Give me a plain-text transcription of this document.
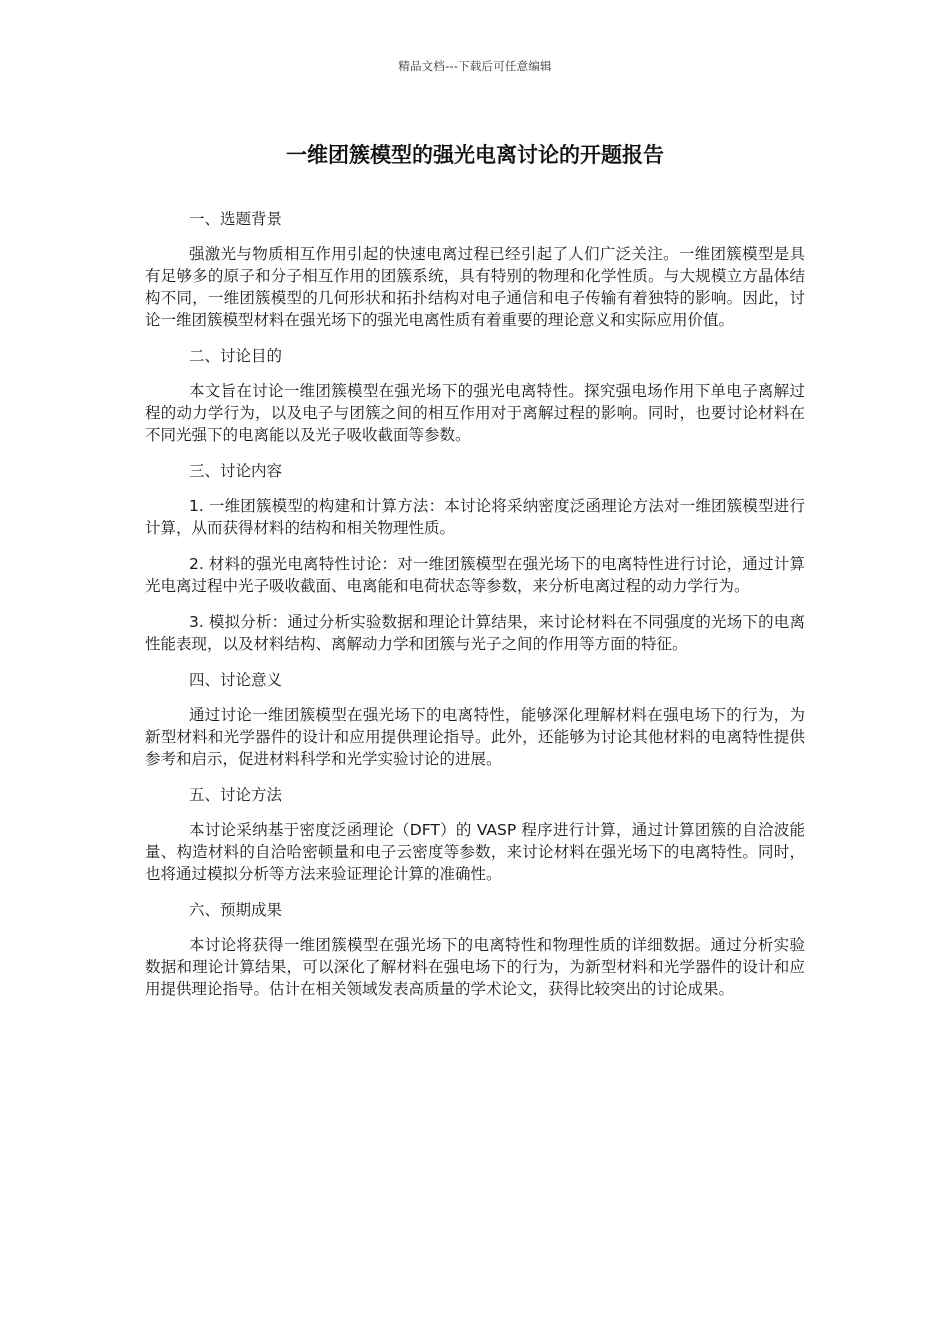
精品文档---下载后可任意编辑
一维团簇模型的强光电离讨论的开题报告

一、选题背景

强激光与物质相互作用引起的快速电离过程已经引起了人们广泛关注。一维团簇模型是具有足够多的原子和分子相互作用的团簇系统，具有特别的物理和化学性质。与大规模立方晶体结构不同，一维团簇模型的几何形状和拓扑结构对电子通信和电子传输有着独特的影响。因此，讨论一维团簇模型材料在强光场下的强光电离性质有着重要的理论意义和实际应用价值。

二、讨论目的

本文旨在讨论一维团簇模型在强光场下的强光电离特性。探究强电场作用下单电子离解过程的动力学行为，以及电子与团簇之间的相互作用对于离解过程的影响。同时，也要讨论材料在不同光强下的电离能以及光子吸收截面等参数。

三、讨论内容

1. 一维团簇模型的构建和计算方法：本讨论将采纳密度泛函理论方法对一维团簇模型进行计算，从而获得材料的结构和相关物理性质。

2. 材料的强光电离特性讨论：对一维团簇模型在强光场下的电离特性进行讨论，通过计算光电离过程中光子吸收截面、电离能和电荷状态等参数，来分析电离过程的动力学行为。

3. 模拟分析：通过分析实验数据和理论计算结果，来讨论材料在不同强度的光场下的电离性能表现，以及材料结构、离解动力学和团簇与光子之间的作用等方面的特征。

四、讨论意义

通过讨论一维团簇模型在强光场下的电离特性，能够深化理解材料在强电场下的行为，为新型材料和光学器件的设计和应用提供理论指导。此外，还能够为讨论其他材料的电离特性提供参考和启示，促进材料科学和光学实验讨论的进展。

五、讨论方法

本讨论采纳基于密度泛函理论（DFT）的 VASP 程序进行计算，通过计算团簇的自洽波能量、构造材料的自洽哈密顿量和电子云密度等参数，来讨论材料在强光场下的电离特性。同时，也将通过模拟分析等方法来验证理论计算的准确性。

六、预期成果

本讨论将获得一维团簇模型在强光场下的电离特性和物理性质的详细数据。通过分析实验数据和理论计算结果，可以深化了解材料在强电场下的行为，为新型材料和光学器件的设计和应用提供理论指导。估计在相关领域发表高质量的学术论文，获得比较突出的讨论成果。
